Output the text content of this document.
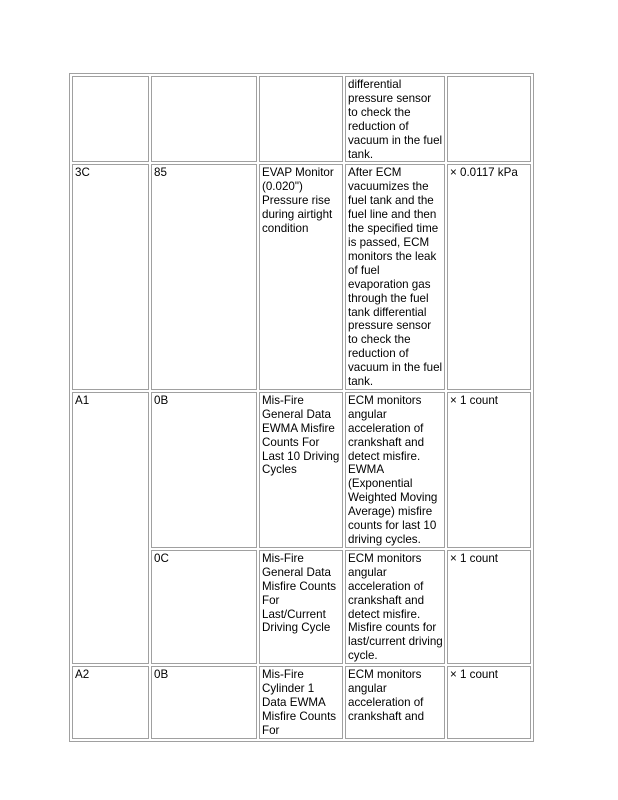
			differential pressure sensor to check the reduction of vacuum in the fuel tank.	
3C	85	EVAP Monitor (0.020") Pressure rise during airtight condition	After ECM vacuumizes the fuel tank and the fuel line and then the specified time is passed, ECM monitors the leak of fuel evaporation gas through the fuel tank differential pressure sensor to check the reduction of vacuum in the fuel tank.	× 0.0117 kPa
A1	0B	Mis-Fire General Data EWMA Misfire Counts For Last 10 Driving Cycles	ECM monitors angular acceleration of crankshaft and detect misfire. EWMA (Exponential Weighted Moving Average) misfire counts for last 10 driving cycles.	× 1 count
	0C	Mis-Fire General Data Misfire Counts For Last/Current Driving Cycle	ECM monitors angular acceleration of crankshaft and detect misfire. Misfire counts for last/current driving cycle.	× 1 count
A2	0B	Mis-Fire Cylinder 1 Data EWMA Misfire Counts For	ECM monitors angular acceleration of crankshaft and	× 1 count
